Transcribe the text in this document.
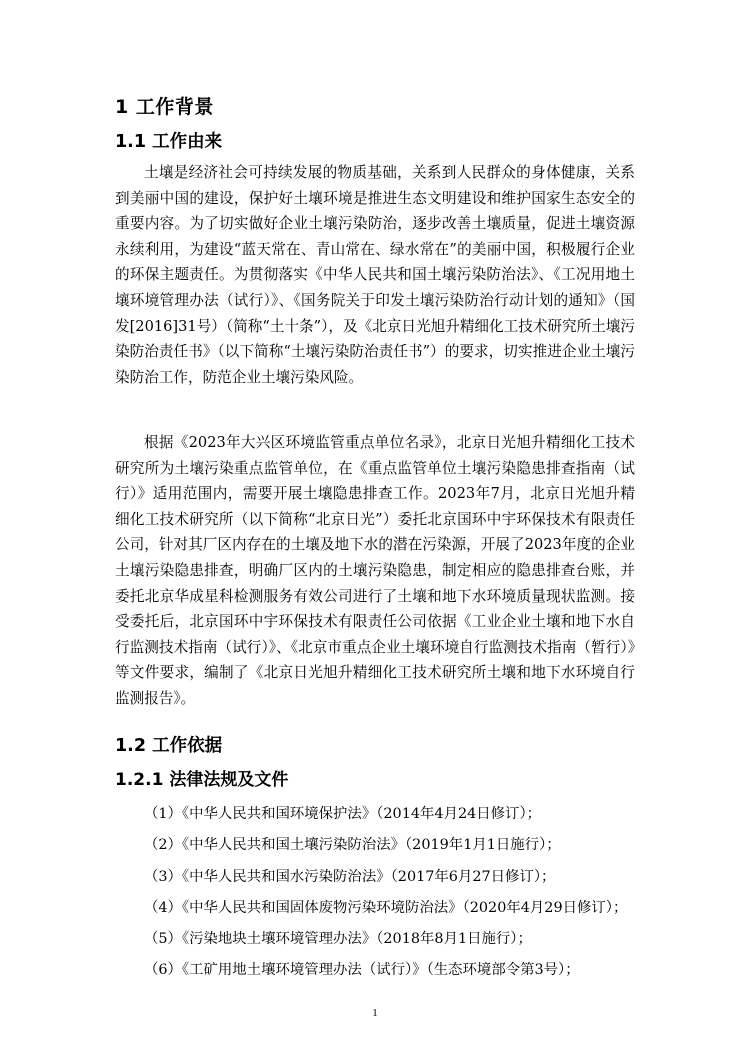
1 工作背景
1.1 工作由来

土壤是经济社会可持续发展的物质基础，关系到人民群众的身体健康，关系到美丽中国的建设，保护好土壤环境是推进生态文明建设和维护国家生态安全的重要内容。为了切实做好企业土壤污染防治，逐步改善土壤质量，促进土壤资源永续利用，为建设“蓝天常在、青山常在、绿水常在”的美丽中国，积极履行企业的环保主题责任。为贯彻落实《中华人民共和国土壤污染防治法》、《工况用地土壤环境管理办法（试行）》、《国务院关于印发土壤污染防治行动计划的通知》（国发[2016]31号）（简称“土十条”），及《北京日光旭升精细化工技术研究所土壤污染防治责任书》（以下简称“土壤污染防治责任书”）的要求，切实推进企业土壤污染防治工作，防范企业土壤污染风险。

根据《2023年大兴区环境监管重点单位名录》，北京日光旭升精细化工技术研究所为土壤污染重点监管单位，在《重点监管单位土壤污染隐患排查指南（试行）》适用范围内，需要开展土壤隐患排查工作。2023年7月，北京日光旭升精细化工技术研究所（以下简称“北京日光”）委托北京国环中宇环保技术有限责任公司，针对其厂区内存在的土壤及地下水的潜在污染源，开展了2023年度的企业土壤污染隐患排查，明确厂区内的土壤污染隐患，制定相应的隐患排查台账，并委托北京华成星科检测服务有效公司进行了土壤和地下水环境质量现状监测。接受委托后，北京国环中宇环保技术有限责任公司依据《工业企业土壤和地下水自行监测技术指南（试行）》、《北京市重点企业土壤环境自行监测技术指南（暂行）》等文件要求，编制了《北京日光旭升精细化工技术研究所土壤和地下水环境自行监测报告》。

1.2 工作依据
1.2.1 法律法规及文件
（1）《中华人民共和国环境保护法》（2014年4月24日修订）；
（2）《中华人民共和国土壤污染防治法》（2019年1月1日施行）；
（3）《中华人民共和国水污染防治法》（2017年6月27日修订）；
（4）《中华人民共和国固体废物污染环境防治法》（2020年4月29日修订）；
（5）《污染地块土壤环境管理办法》（2018年8月1日施行）；
（6）《工矿用地土壤环境管理办法（试行）》（生态环境部令第3号）；
1
